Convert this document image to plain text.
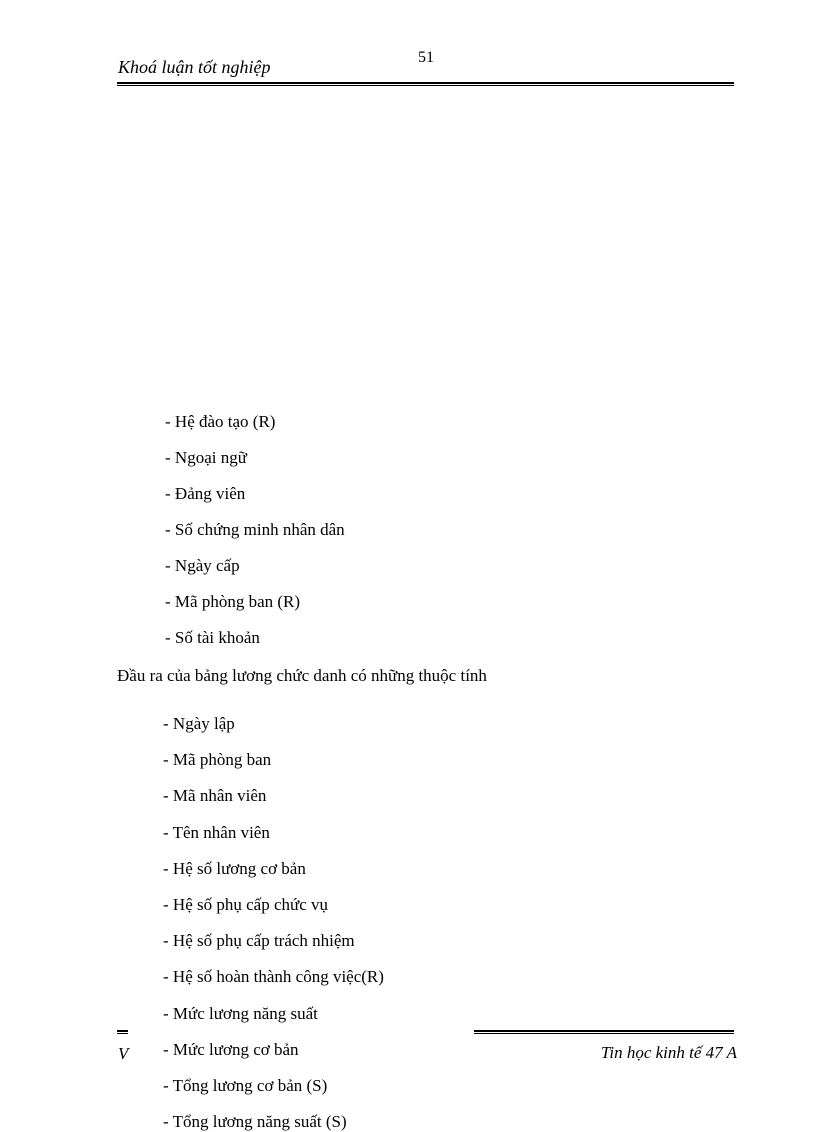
51
Khoá luận tốt nghiệp
- Hệ đào tạo (R)
- Ngoại ngữ
- Đảng viên
- Số chứng minh nhân dân
- Ngày cấp
- Mã phòng ban (R)
- Số tài khoản
Đầu ra của bảng lương chức danh có những thuộc tính
- Ngày lập
- Mã phòng ban
- Mã nhân viên
- Tên nhân viên
- Hệ số lương cơ bản
- Hệ số phụ cấp chức vụ
- Hệ số phụ cấp trách nhiệm
- Hệ số hoàn thành công việc(R)
- Mức lương năng suất
- Mức lương cơ bản
- Tổng lương cơ bản (S)
- Tổng lương năng suất (S)
V	Tin học kinh tế 47 A
